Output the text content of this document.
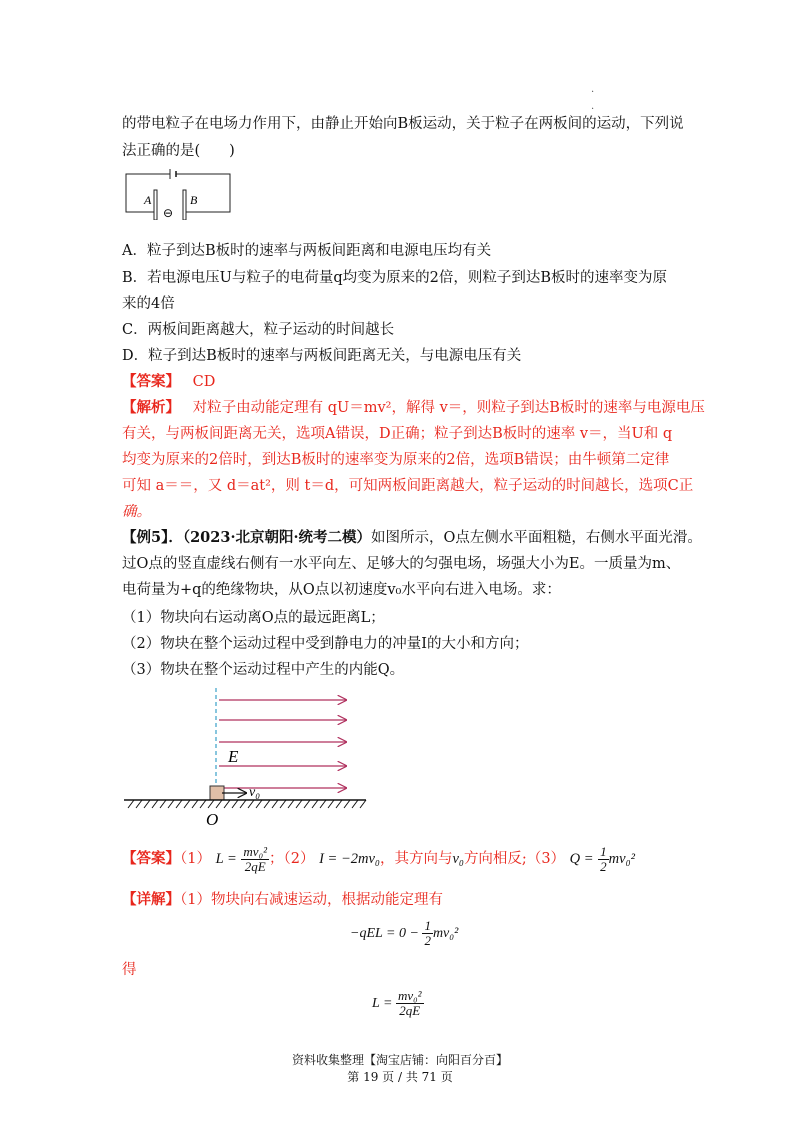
.
.
的带电粒子在电场力作用下，由静止开始向B板运动，关于粒子在两板间的运动，下列说
法正确的是(　　)
A	B
⊖
A．粒子到达B板时的速率与两板间距离和电源电压均有关
B．若电源电压U与粒子的电荷量q均变为原来的2倍，则粒子到达B板时的速率变为原
来的4倍
C．两板间距离越大，粒子运动的时间越长
D．粒子到达B板时的速率与两板间距离无关，与电源电压有关
【答案】 CD
【解析】 对粒子由动能定理有 qU＝mv²，解得 v＝，则粒子到达B板时的速率与电源电压
有关，与两板间距离无关，选项A错误，D正确；粒子到达B板时的速率 v＝，当U和 q
均变为原来的2倍时，到达B板时的速率变为原来的2倍，选项B错误；由牛顿第二定律
可知 a＝＝，又 d＝at²，则 t＝d，可知两板间距离越大，粒子运动的时间越长，选项C正
确。
【例5】．（2023·北京朝阳·统考二模）如图所示，O点左侧水平面粗糙，右侧水平面光滑。
过O点的竖直虚线右侧有一水平向左、足够大的匀强电场，场强大小为E。一质量为m、
电荷量为+q的绝缘物块，从O点以初速度v₀水平向右进入电场。求：
（1）物块向右运动离O点的最远距离L；
（2）物块在整个运动过程中受到静电力的冲量I的大小和方向；
（3）物块在整个运动过程中产生的内能Q。
E
v₀
O
【答案】（1） $L = \frac{\text{mv₀²}}{2qE}$ ；（2） I = −2mv₀，其方向与v₀方向相反;（3） $Q = \frac{1}{2} mv_0^2$
【详解】（1）物块向右减速运动，根据动能定理有
$-qEL = 0 - \frac{1}{2} mv_0^2$
得
$L = \frac{\text{mv₀²}}{2qE}$
资料收集整理【淘宝店铺：向阳百分百】
第 19 页 / 共 71 页
